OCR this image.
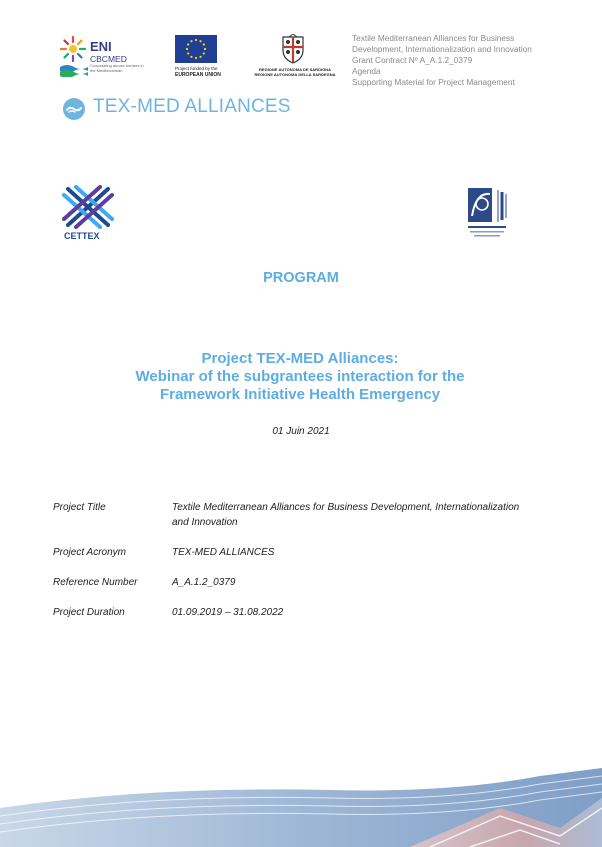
ENI
CBCMED
Cooperating across borders in the Mediterranean	Project funded by the
EUROPEAN UNION
REGIONE AUTÒNOMA DE SARDIGNA
REGIONE AUTONOMA DELLA SARDEGNA
Textile Mediterranean Alliances for Business
Development, Internationalization and Innovation
Grant Contract Nº A_A.1.2_0379
Agenda
Supporting Material for Project Management
TEX-MED ALLIANCES
CETTEX
PROGRAM
Project TEX-MED Alliances:
Webinar of the subgrantees interaction for the
Framework Initiative Health Emergency
01 Juin 2021
Project Title	Textile Mediterranean Alliances for Business Development, Internationalization and Innovation
Project Acronym	TEX-MED ALLIANCES
Reference Number	A_A.1.2_0379
Project Duration	01.09.2019 – 31.08.2022
